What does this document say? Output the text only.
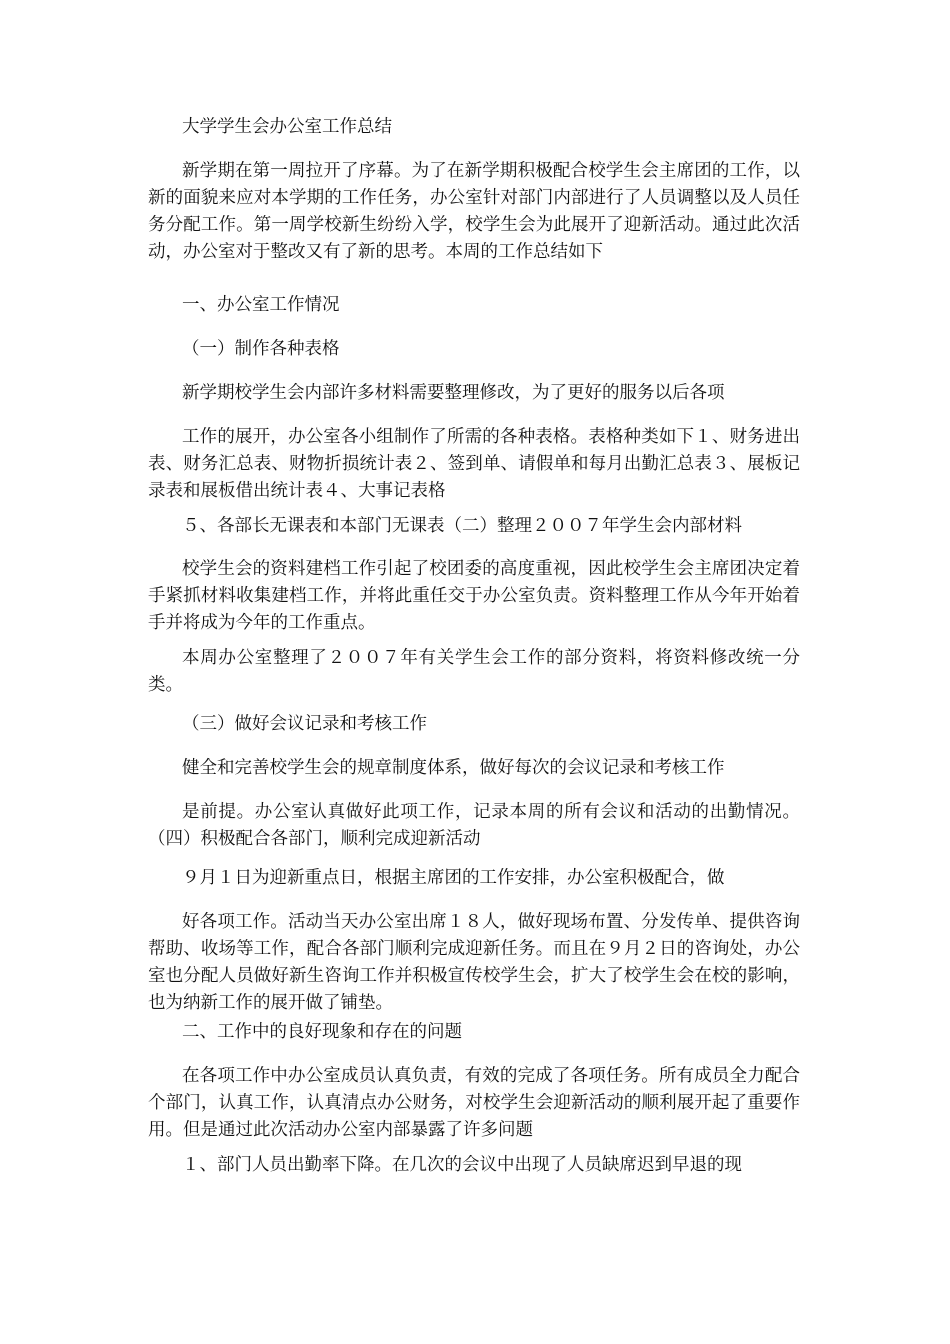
大学学生会办公室工作总结

新学期在第一周拉开了序幕。为了在新学期积极配合校学生会主席团的工作，以新的面貌来应对本学期的工作任务，办公室针对部门内部进行了人员调整以及人员任务分配工作。第一周学校新生纷纷入学，校学生会为此展开了迎新活动。通过此次活动，办公室对于整改又有了新的思考。本周的工作总结如下

一、办公室工作情况

（一）制作各种表格

新学期校学生会内部许多材料需要整理修改，为了更好的服务以后各项

工作的展开，办公室各小组制作了所需的各种表格。表格种类如下１、财务进出表、财务汇总表、财物折损统计表２、签到单、请假单和每月出勤汇总表３、展板记录表和展板借出统计表４、大事记表格

５、各部长无课表和本部门无课表（二）整理２００７年学生会内部材料

校学生会的资料建档工作引起了校团委的高度重视，因此校学生会主席团决定着手紧抓材料收集建档工作，并将此重任交于办公室负责。资料整理工作从今年开始着手并将成为今年的工作重点。

本周办公室整理了２００７年有关学生会工作的部分资料，将资料修改统一分类。

（三）做好会议记录和考核工作

健全和完善校学生会的规章制度体系，做好每次的会议记录和考核工作

是前提。办公室认真做好此项工作，记录本周的所有会议和活动的出勤情况。（四）积极配合各部门，顺利完成迎新活动

９月１日为迎新重点日，根据主席团的工作安排，办公室积极配合，做

好各项工作。活动当天办公室出席１８人，做好现场布置、分发传单、提供咨询帮助、收场等工作，配合各部门顺利完成迎新任务。而且在９月２日的咨询处，办公室也分配人员做好新生咨询工作并积极宣传校学生会，扩大了校学生会在校的影响，也为纳新工作的展开做了铺垫。

二、工作中的良好现象和存在的问题

在各项工作中办公室成员认真负责，有效的完成了各项任务。所有成员全力配合个部门，认真工作，认真清点办公财务，对校学生会迎新活动的顺利展开起了重要作用。但是通过此次活动办公室内部暴露了许多问题

１、部门人员出勤率下降。在几次的会议中出现了人员缺席迟到早退的现
